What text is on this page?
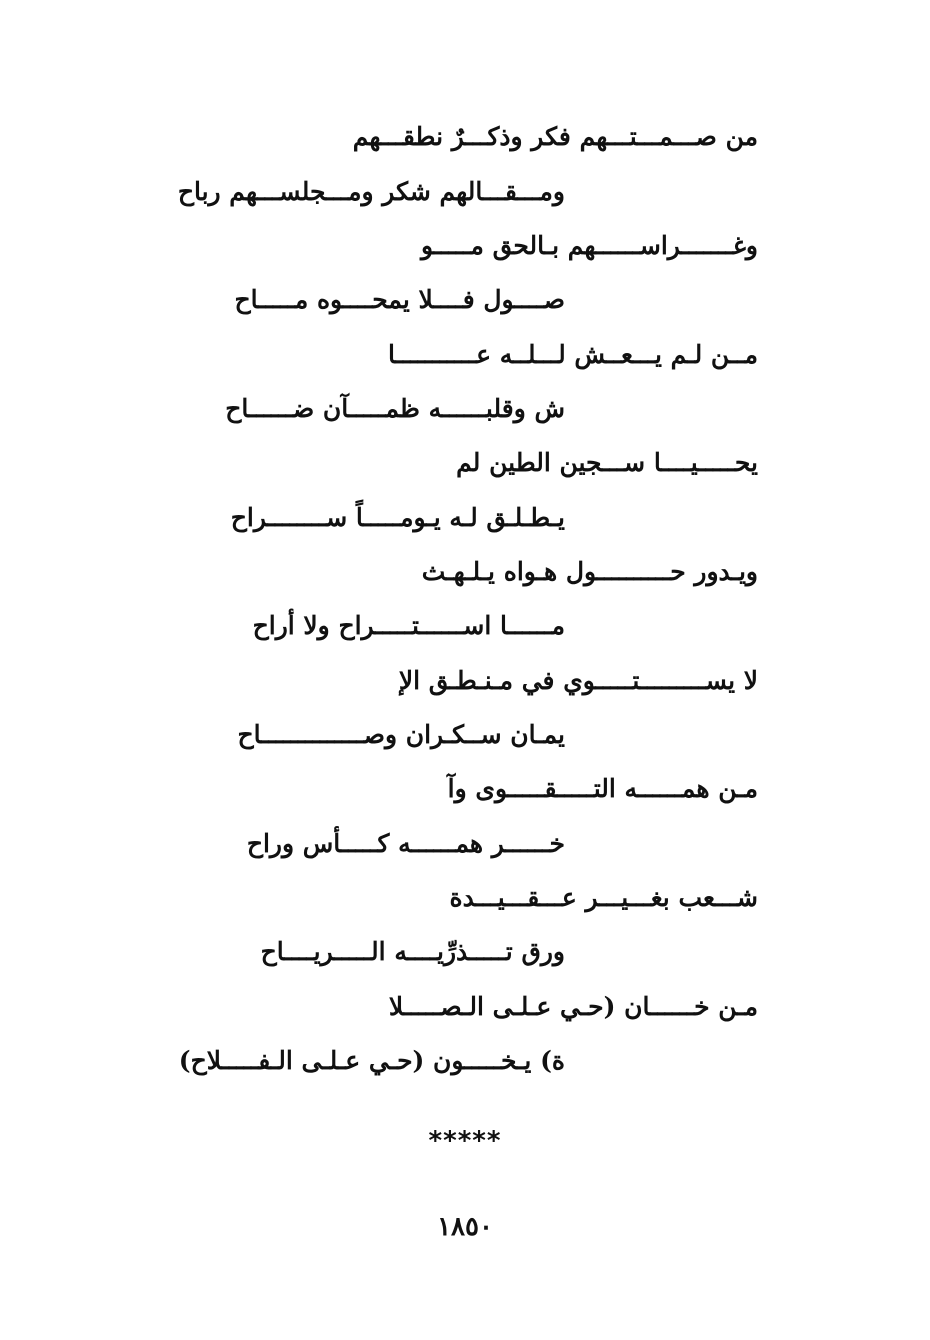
من صـــمـــتـــهم فكر وذكـــرٌ نطقـــهم
ومـــقـــالهم شكر ومـــجلســـهم رباح
وغـــــــراســــــهم بـالحق مـــــو
صــــول فــــلا يمحــــوه مـــــاح
مــن لـم يـــعــش لـــلــه عـــــــــــا
ش وقلبــــــه ظمـــــآن ضــــــاح
يحـــــيــــا ســـجين الطين لم
يـطـلـق لـه يـومـــــاً ســــــــراح
ويـدور حــــــــــول هـواه يـلـهـث
مــــــا اســــــتـــــراح ولا أراح
لا يســـــــــتـــــوي في مـنـطـق الإ
يمـان ســكـران وصــــــــــــــاح
مـن همــــــه التـــــقـــــوى وآ
خــــــر همــــــه كـــــأس وراح
شـــعب بغـــيـــر عـــقـــيـــدة
ورق تـــــذرِّيــــه الـــــريــــاح
مـن خــــــان (حـي عـلـى الـصـــــلا
ة) يـخـــــون (حـي عـلـى الـفـــــلاح)
*****
١٨٥٠
